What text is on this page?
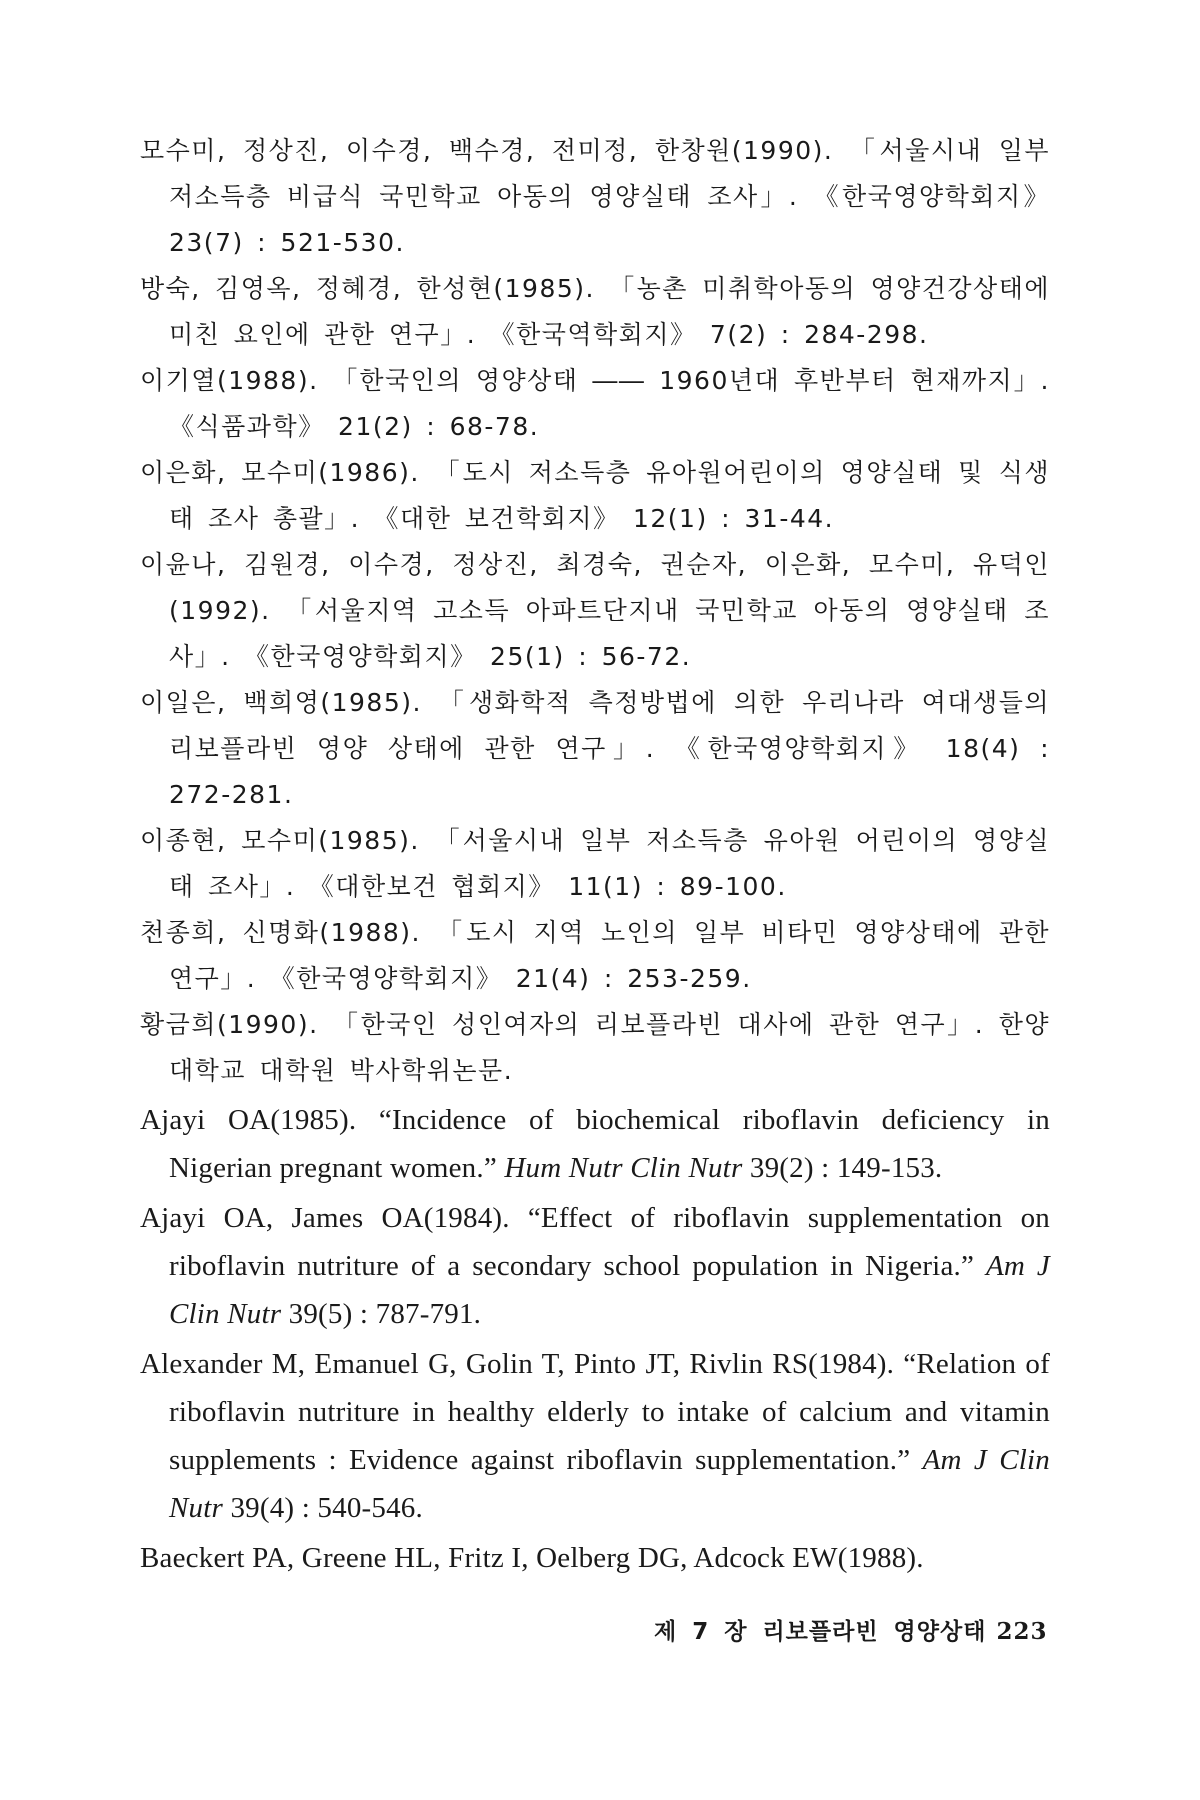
모수미, 정상진, 이수경, 백수경, 전미정, 한창원(1990). 「서울시내 일부 저소득층 비급식 국민학교 아동의 영양실태 조사」. 《한국영양학회지》 23(7) : 521-530.
방숙, 김영옥, 정혜경, 한성현(1985). 「농촌 미취학아동의 영양건강상태에 미친 요인에 관한 연구」. 《한국역학회지》 7(2) : 284-298.
이기열(1988). 「한국인의 영양상태 ―― 1960년대 후반부터 현재까지」. 《식품과학》 21(2) : 68-78.
이은화, 모수미(1986). 「도시 저소득층 유아원어린이의 영양실태 및 식생태 조사 총괄」. 《대한 보건학회지》 12(1) : 31-44.
이윤나, 김원경, 이수경, 정상진, 최경숙, 권순자, 이은화, 모수미, 유덕인(1992). 「서울지역 고소득 아파트단지내 국민학교 아동의 영양실태 조사」. 《한국영양학회지》 25(1) : 56-72.
이일은, 백희영(1985). 「생화학적 측정방법에 의한 우리나라 여대생들의 리보플라빈 영양 상태에 관한 연구」. 《한국영양학회지》 18(4) : 272-281.
이종현, 모수미(1985). 「서울시내 일부 저소득층 유아원 어린이의 영양실태 조사」. 《대한보건 협회지》 11(1) : 89-100.
천종희, 신명화(1988). 「도시 지역 노인의 일부 비타민 영양상태에 관한 연구」. 《한국영양학회지》 21(4) : 253-259.
황금희(1990). 「한국인 성인여자의 리보플라빈 대사에 관한 연구」. 한양대학교 대학원 박사학위논문.
Ajayi OA(1985). “Incidence of biochemical riboflavin deficiency in Nigerian pregnant women.” Hum Nutr Clin Nutr 39(2) : 149-153.
Ajayi OA, James OA(1984). “Effect of riboflavin supplementation on riboflavin nutriture of a secondary school population in Nigeria.” Am J Clin Nutr 39(5) : 787-791.
Alexander M, Emanuel G, Golin T, Pinto JT, Rivlin RS(1984). “Relation of riboflavin nutriture in healthy elderly to intake of calcium and vitamin supplements : Evidence against riboflavin supplementation.” Am J Clin Nutr 39(4) : 540-546.
Baeckert PA, Greene HL, Fritz I, Oelberg DG, Adcock EW(1988).
제 7 장 리보플라빈 영양상태 223
